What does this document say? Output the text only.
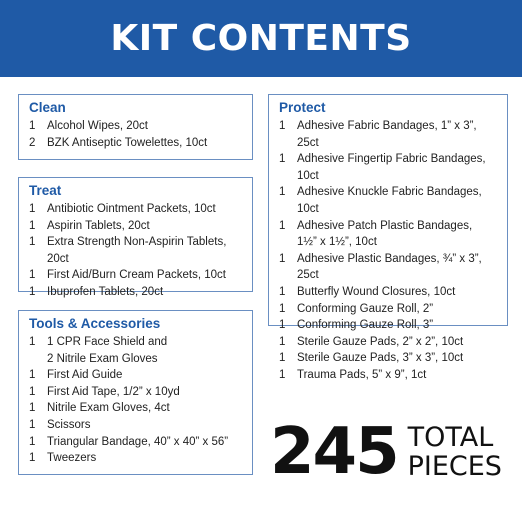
KIT CONTENTS
Clean
1	Alcohol Wipes, 20ct
2	BZK Antiseptic Towelettes, 10ct
Treat
1	Antibiotic Ointment Packets, 10ct
1	Aspirin Tablets, 20ct
1	Extra Strength Non-Aspirin Tablets, 20ct
1	First Aid/Burn Cream Packets, 10ct
1	Ibuprofen Tablets, 20ct
Tools & Accessories
1	1 CPR Face Shield and
2 Nitrile Exam Gloves
1	First Aid Guide
1	First Aid Tape, 1/2” x 10yd
1	Nitrile Exam Gloves, 4ct
1	Scissors
1	Triangular Bandage, 40” x 40” x 56”
1	Tweezers
Protect
1	Adhesive Fabric Bandages, 1” x 3”, 25ct
1	Adhesive Fingertip Fabric Bandages, 10ct
1	Adhesive Knuckle Fabric Bandages, 10ct
1	Adhesive Patch Plastic Bandages,
1½” x 1½”, 10ct
1	Adhesive Plastic Bandages, ¾” x 3”, 25ct
1	Butterfly Wound Closures, 10ct
1	Conforming Gauze Roll, 2”
1	Conforming Gauze Roll, 3”
1	Sterile Gauze Pads, 2” x 2”, 10ct
1	Sterile Gauze Pads, 3” x 3”, 10ct
1	Trauma Pads, 5” x 9”, 1ct
245 TOTAL
PIECES
